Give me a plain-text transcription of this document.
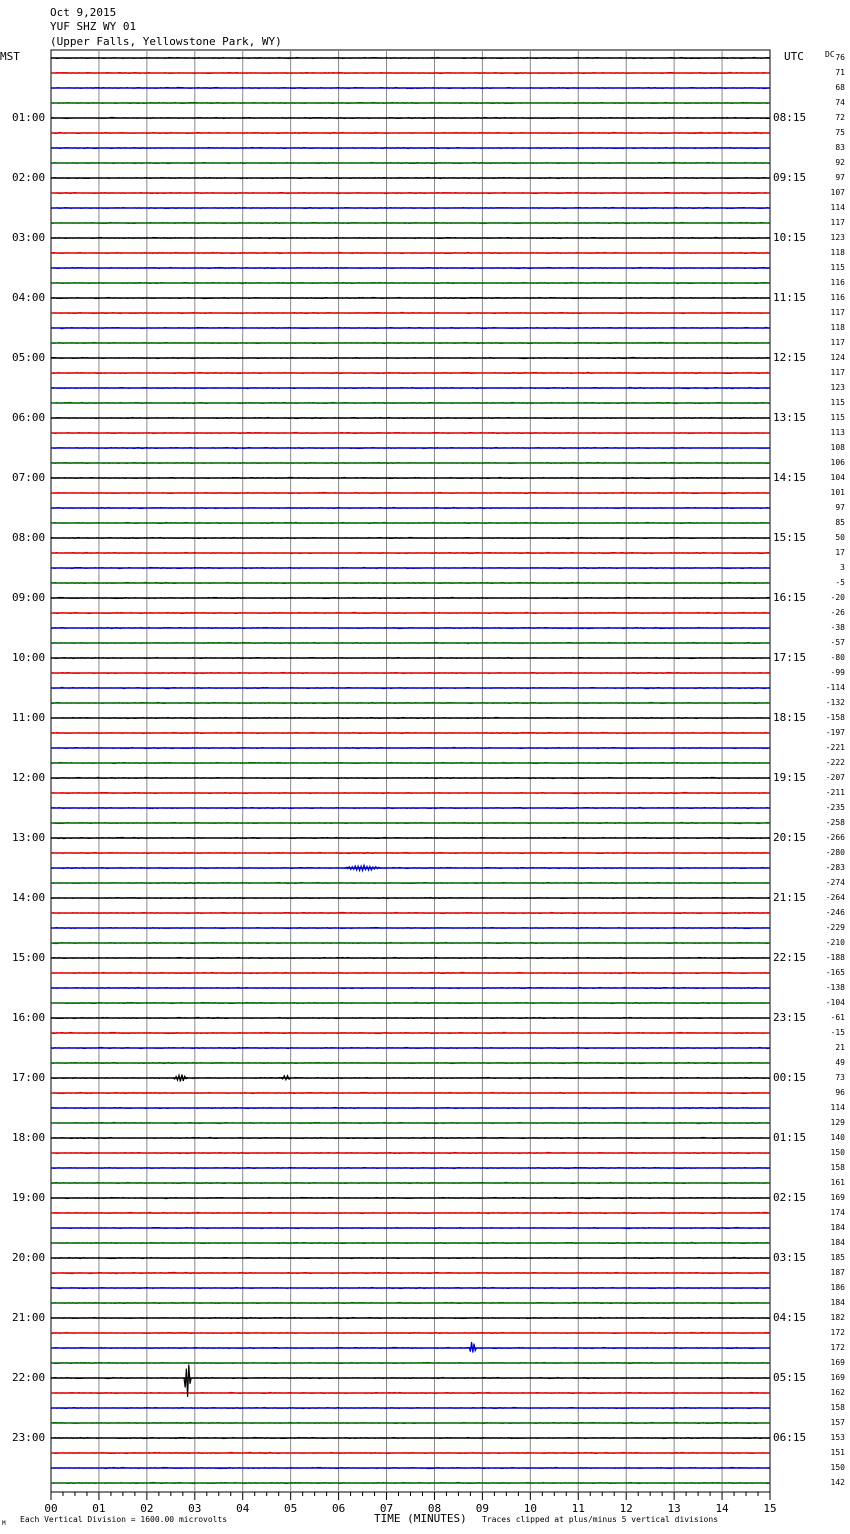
Oct 9,2015
YUF SHZ WY 01
(Upper Falls, Yellowstone Park, WY)
MST	UTC	DC
00	01	02	03	04	05	06	07	08	09	10	11	12	13	14	15
01:00
02:00
03:00
04:00
05:00
06:00
07:00
08:00
09:00
10:00
11:00
12:00
13:00
14:00
15:00
16:00
17:00
18:00
19:00
20:00
21:00
22:00
23:00
08:15
09:15
10:15
11:15
12:15
13:15
14:15
15:15
16:15
17:15
18:15
19:15
20:15
21:15
22:15
23:15
00:15
01:15
02:15
03:15
04:15
05:15
06:15
76
71
68
74
72
75
83
92
97
107
114
117
123
118
115
116
116
117
118
117
124
117
123
115
115
113
108
106
104
101
97
85
50
17
3
-5
-20
-26
-38
-57
-80
-99
-114
-132
-158
-197
-221
-222
-207
-211
-235
-258
-266
-280
-283
-274
-264
-246
-229
-210
-188
-165
-138
-104
-61
-15
21
49
73
96
114
129
140
150
158
161
169
174
184
184
185
187
186
184
182
172
172
169
169
162
158
157
153
151
150
142
M Each Vertical Division = 1600.00 microvolts	TIME (MINUTES) Traces clipped at plus/minus 5 vertical divisions
